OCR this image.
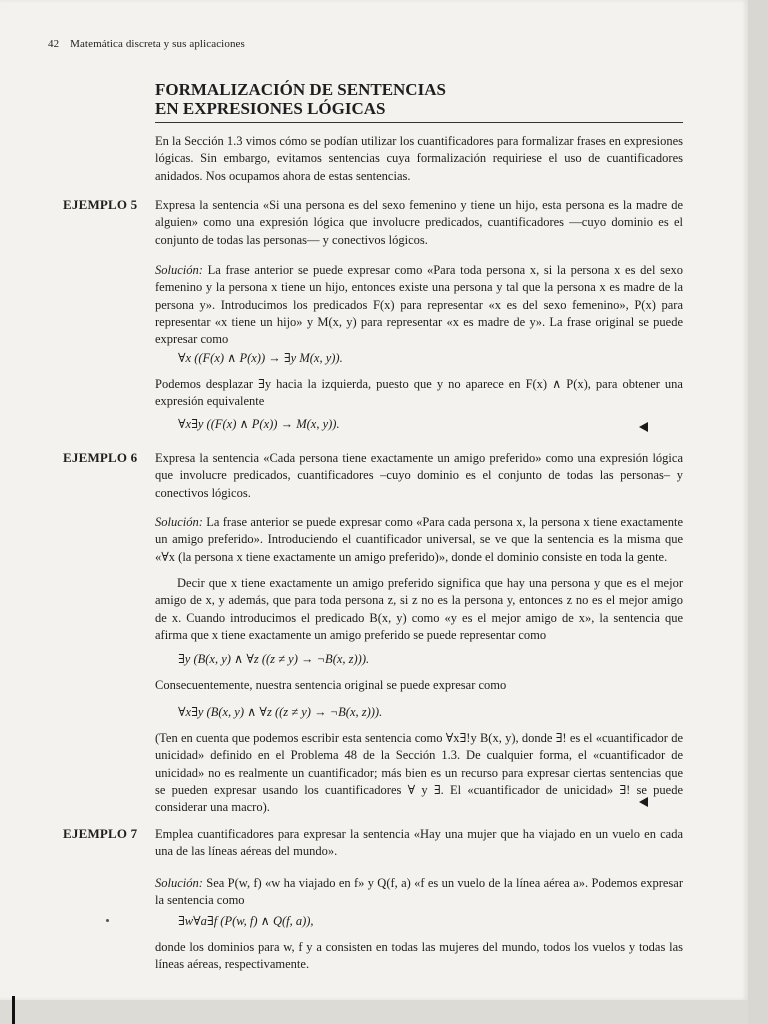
42 Matemática discreta y sus aplicaciones
FORMALIZACIÓN DE SENTENCIAS
EN EXPRESIONES LÓGICAS

En la Sección 1.3 vimos cómo se podían utilizar los cuantificadores para formalizar frases en expresiones lógicas. Sin embargo, evitamos sentencias cuya formalización requiriese el uso de cuantificadores anidados. Nos ocupamos ahora de estas sentencias.

EJEMPLO 5 Expresa la sentencia «Si una persona es del sexo femenino y tiene un hijo, esta persona es la madre de alguien» como una expresión lógica que involucre predicados, cuantificadores —cuyo dominio es el conjunto de todas las personas— y conectivos lógicos.

Solución: La frase anterior se puede expresar como «Para toda persona x, si la persona x es del sexo femenino y la persona x tiene un hijo, entonces existe una persona y tal que la persona x es madre de la persona y». Introducimos los predicados F(x) para representar «x es del sexo femenino», P(x) para representar «x tiene un hijo» y M(x, y) para representar «x es madre de y». La frase original se puede expresar como

∀x ((F(x) ∧ P(x)) → ∃y M(x, y)).

Podemos desplazar ∃y hacia la izquierda, puesto que y no aparece en F(x) ∧ P(x), para obtener una expresión equivalente

∀x∃y ((F(x) ∧ P(x)) → M(x, y)).
EJEMPLO 6 Expresa la sentencia «Cada persona tiene exactamente un amigo preferido» como una expresión lógica que involucre predicados, cuantificadores –cuyo dominio es el conjunto de todas las personas– y conectivos lógicos.

Solución: La frase anterior se puede expresar como «Para cada persona x, la persona x tiene exactamente un amigo preferido». Introduciendo el cuantificador universal, se ve que la sentencia es la misma que «∀x (la persona x tiene exactamente un amigo preferido)», donde el dominio consiste en toda la gente.

Decir que x tiene exactamente un amigo preferido significa que hay una persona y que es el mejor amigo de x, y además, que para toda persona z, si z no es la persona y, entonces z no es el mejor amigo de x. Cuando introducimos el predicado B(x, y) como «y es el mejor amigo de x», la sentencia que afirma que x tiene exactamente un amigo preferido se puede representar como

∃y (B(x, y) ∧ ∀z ((z ≠ y) → ¬B(x, z))).

Consecuentemente, nuestra sentencia original se puede expresar como

∀x∃y (B(x, y) ∧ ∀z ((z ≠ y) → ¬B(x, z))).

(Ten en cuenta que podemos escribir esta sentencia como ∀x∃!y B(x, y), donde ∃! es el «cuantificador de unicidad» definido en el Problema 48 de la Sección 1.3. De cualquier forma, el «cuantificador de unicidad» no es realmente un cuantificador; más bien es un recurso para expresar ciertas sentencias que se pueden expresar usando los cuantificadores ∀ y ∃. El «cuantificador de unicidad» ∃! se puede considerar una macro).

EJEMPLO 7 Emplea cuantificadores para expresar la sentencia «Hay una mujer que ha viajado en un vuelo en cada una de las líneas aéreas del mundo».

Solución: Sea P(w, f) «w ha viajado en f» y Q(f, a) «f es un vuelo de la línea aérea a». Podemos expresar la sentencia como

∃w∀a∃f (P(w, f) ∧ Q(f, a)),

donde los dominios para w, f y a consisten en todas las mujeres del mundo, todos los vuelos y todas las líneas aéreas, respectivamente.
